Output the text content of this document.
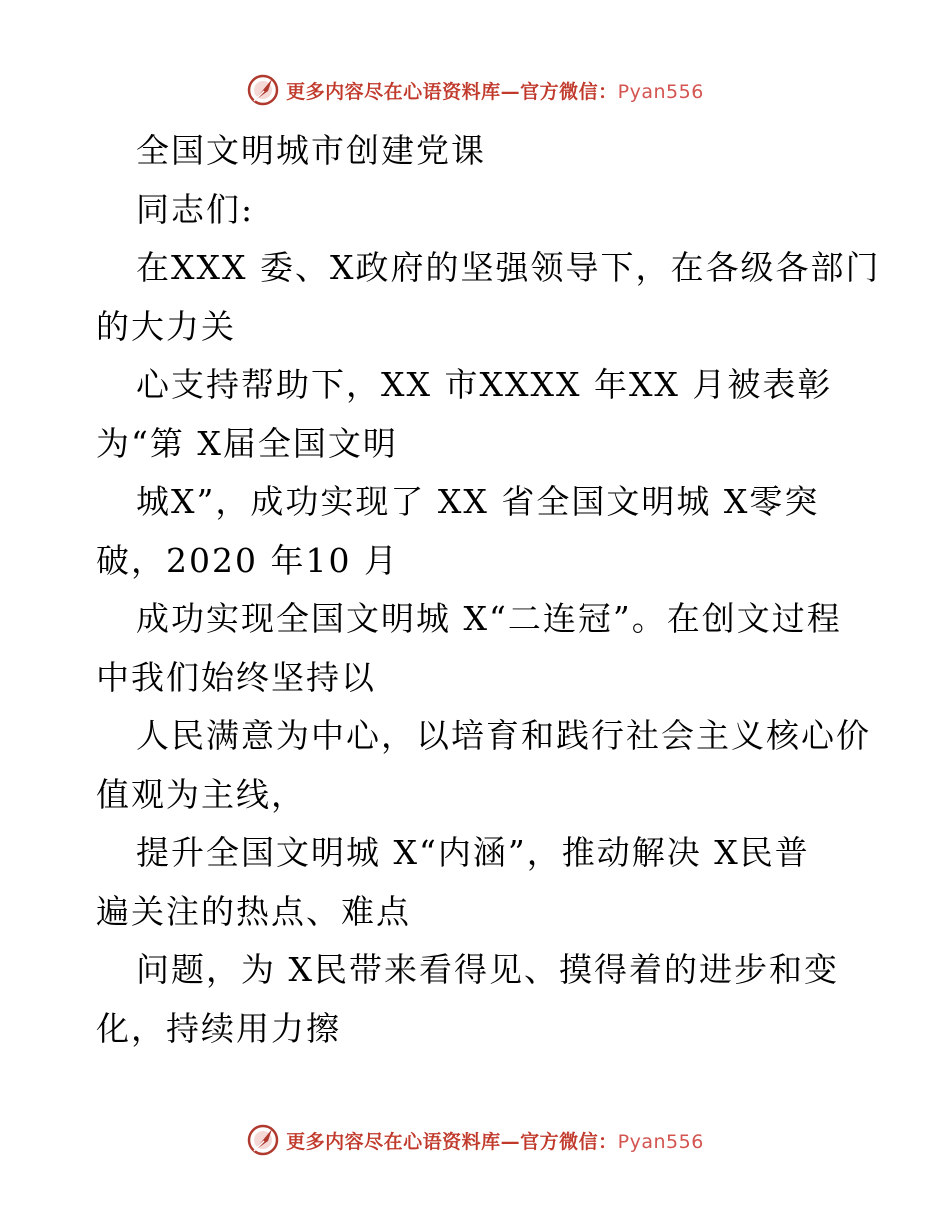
更多内容尽在心语资料库—官方微信：Pyan556
全国文明城市创建党课
同志们:
在XXX 委、X政府的坚强领导下，在各级各部门
的大力关
心支持帮助下，XX 市XXXX 年XX 月被表彰
为“第 X届全国文明
城X”，成功实现了 XX 省全国文明城 X零突
破，2020 年10 月
成功实现全国文明城 X“二连冠”。在创文过程
中我们始终坚持以
人民满意为中心，以培育和践行社会主义核心价
值观为主线，
提升全国文明城 X“内涵”，推动解决 X民普
遍关注的热点、难点
问题，为 X民带来看得见、摸得着的进步和变
化，持续用力擦
更多内容尽在心语资料库—官方微信：Pyan556
